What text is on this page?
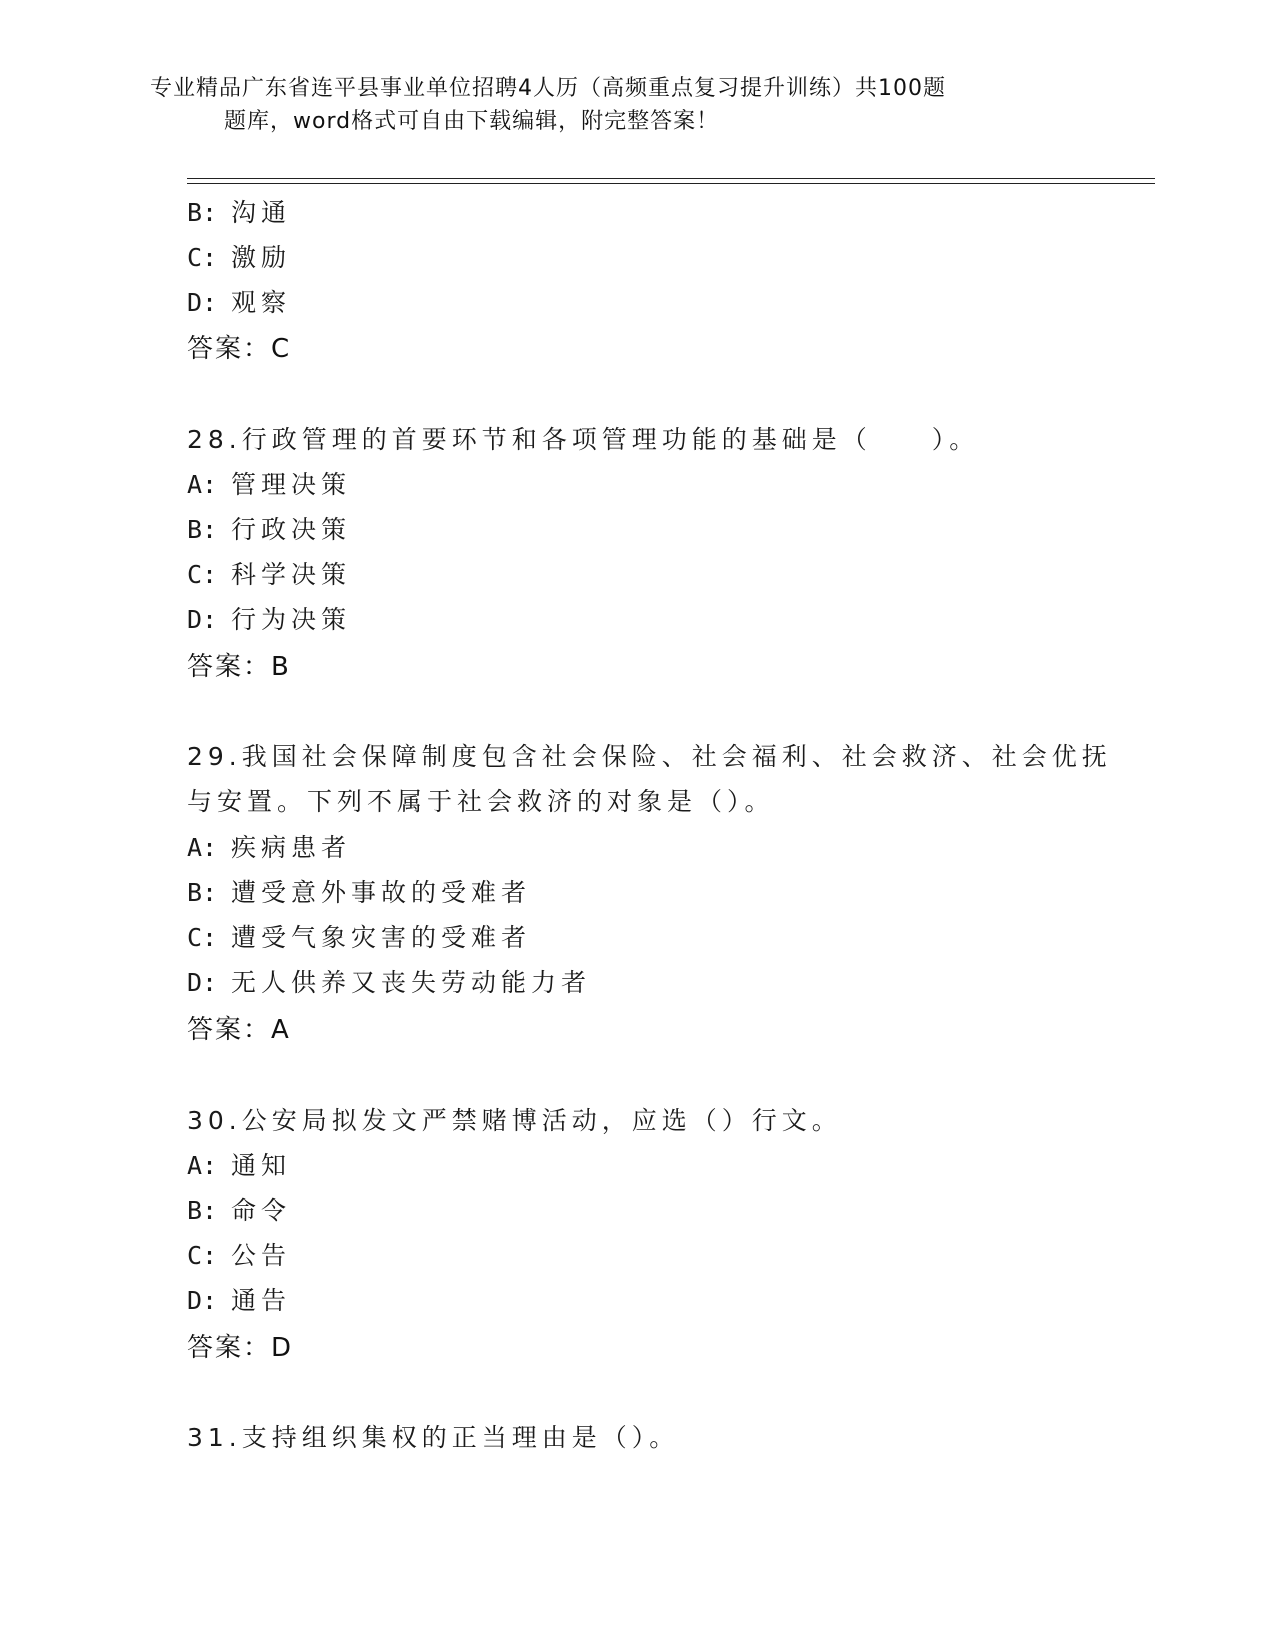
专业精品广东省连平县事业单位招聘4人历（高频重点复习提升训练）共100题
题库，word格式可自由下载编辑，附完整答案！
B: 沟通
C: 激励
D: 观察
答案：C
28.行政管理的首要环节和各项管理功能的基础是（　　）。
A: 管理决策
B: 行政决策
C: 科学决策
D: 行为决策
答案：B
29.我国社会保障制度包含社会保险、社会福利、社会救济、社会优抚
与安置。下列不属于社会救济的对象是（）。
A: 疾病患者
B: 遭受意外事故的受难者
C: 遭受气象灾害的受难者
D: 无人供养又丧失劳动能力者
答案：A
30.公安局拟发文严禁赌博活动，应选（）行文。
A: 通知
B: 命令
C: 公告
D: 通告
答案：D
31.支持组织集权的正当理由是（）。
